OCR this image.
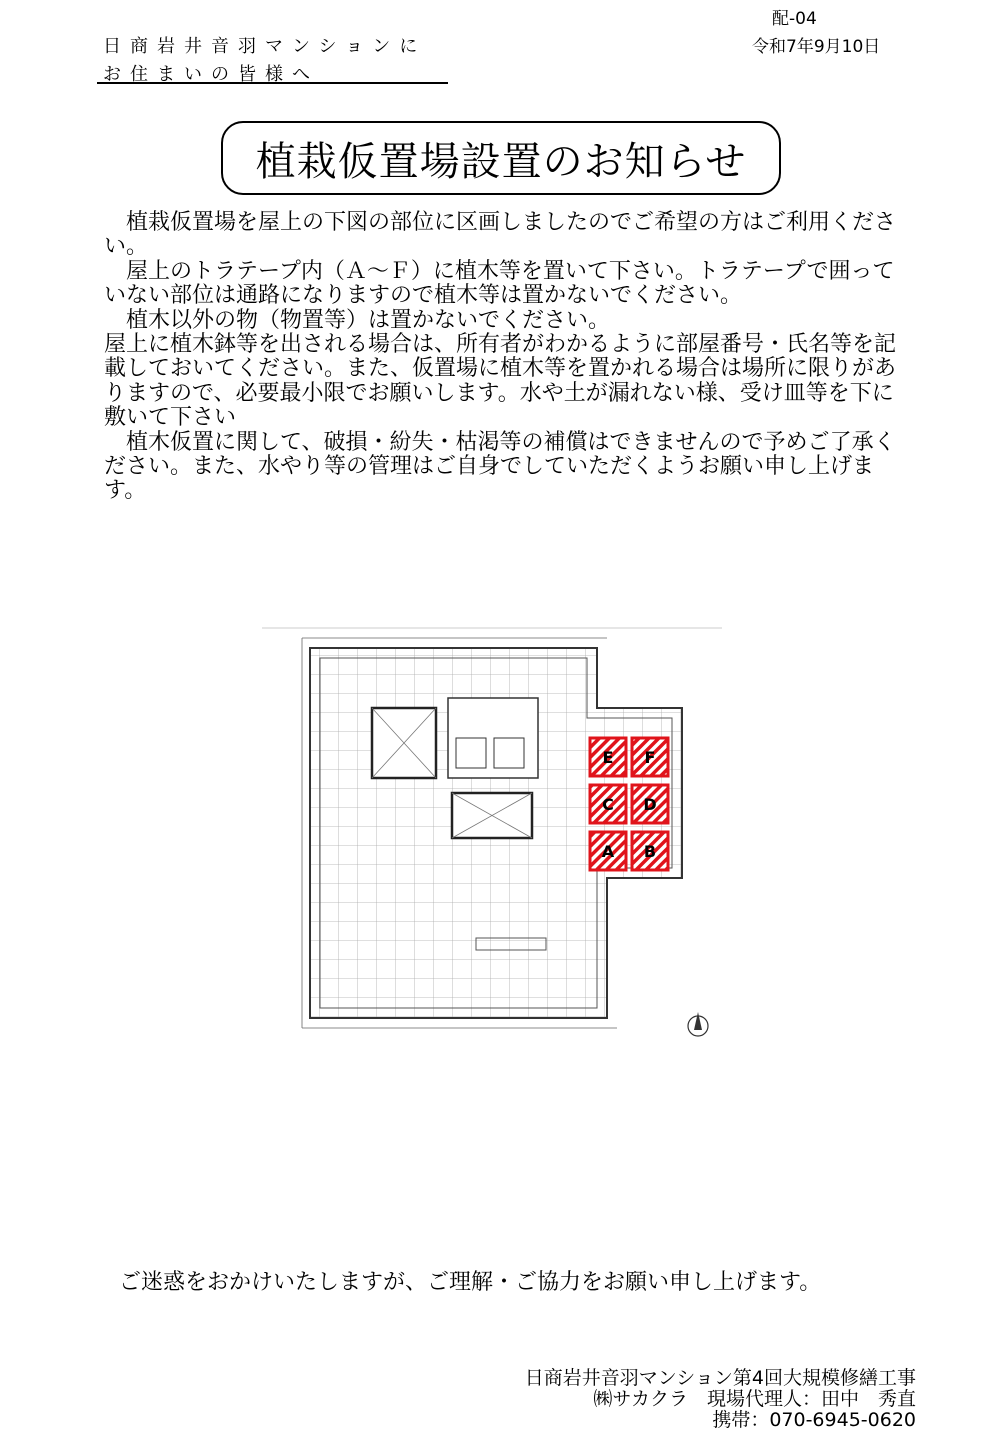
配-04
令和7年9月10日
日商岩井音羽マンションに
お住まいの皆様へ
植栽仮置場設置のお知らせ

　植栽仮置場を屋上の下図の部位に区画しましたのでご希望の方はご利用ください。

　屋上のトラテープ内（Ａ～Ｆ）に植木等を置いて下さい。トラテープで囲っていない部位は通路になりますので植木等は置かないでください。

　植木以外の物（物置等）は置かないでください。

屋上に植木鉢等を出される場合は、所有者がわかるように部屋番号・氏名等を記載しておいてください。また、仮置場に植木等を置かれる場合は場所に限りがありますので、必要最小限でお願いします。水や土が漏れない様、受け皿等を下に敷いて下さい

　植木仮置に関して、破損・紛失・枯渇等の補償はできませんので予めご了承ください。また、水やり等の管理はご自身でしていただくようお願い申し上げます。

E F
C D
A B
ご迷惑をおかけいたしますが、ご理解・ご協力をお願い申し上げます。
日商岩井音羽マンション第4回大規模修繕工事
㈱サカクラ　現場代理人：田中　秀直
携帯：070-6945-0620
